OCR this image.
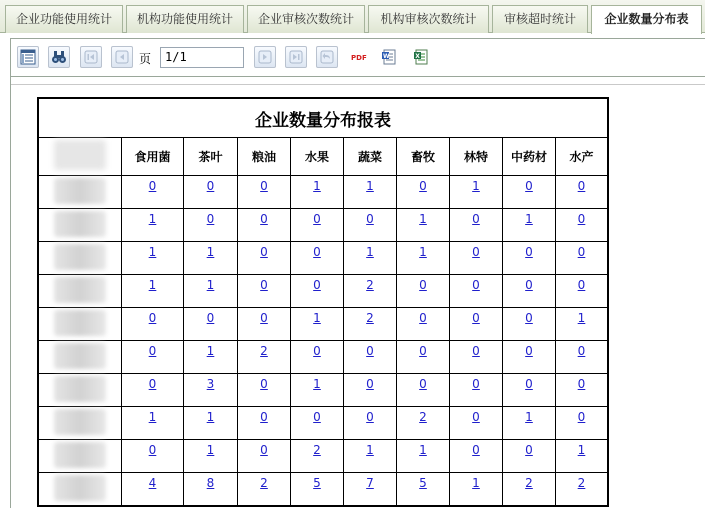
企业功能使用统计	机构功能使用统计	企业审核次数统计	机构审核次数统计	审核超时统计	企业数量分布表
页	1/1	PDF	W	X
企业数量分布报表									
	食用菌	茶叶	粮油	水果	蔬菜	畜牧	林特	中药材	水产
	0	0	0	1	1	0	1	0	0
	1	0	0	0	0	1	0	1	0
	1	1	0	0	1	1	0	0	0
	1	1	0	0	2	0	0	0	0
	0	0	0	1	2	0	0	0	1
	0	1	2	0	0	0	0	0	0
	0	3	0	1	0	0	0	0	0
	1	1	0	0	0	2	0	1	0
	0	1	0	2	1	1	0	0	1
	4	8	2	5	7	5	1	2	2
